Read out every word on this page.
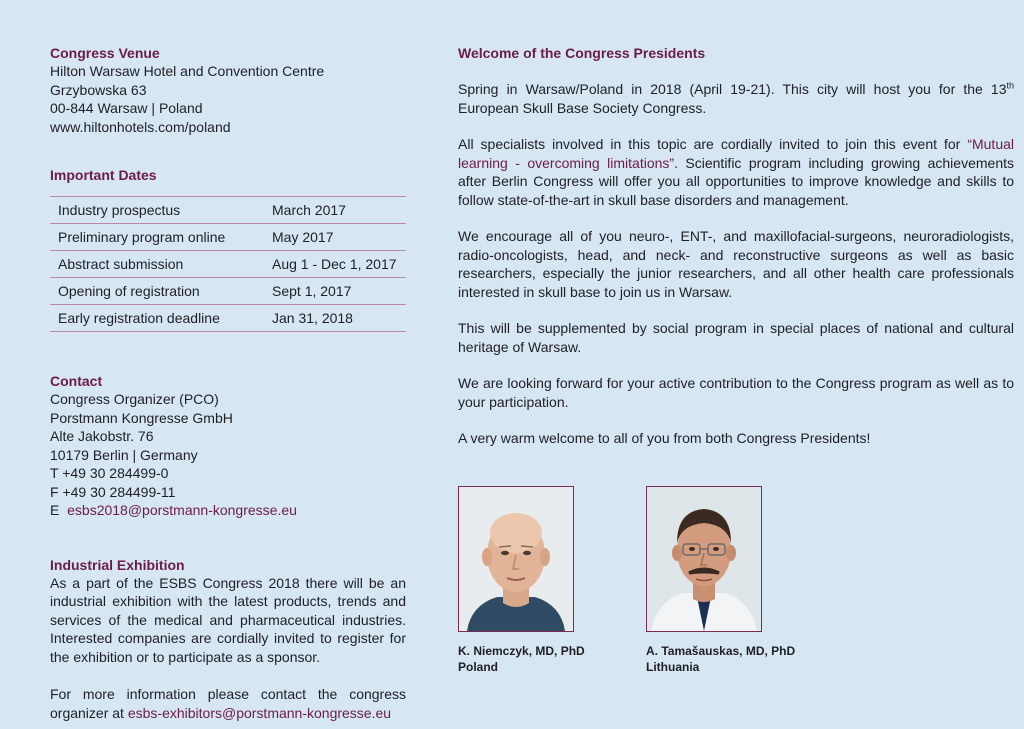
Congress Venue
Hilton Warsaw Hotel and Convention Centre
Grzybowska 63
00-844 Warsaw | Poland
www.hiltonhotels.com/poland
Important Dates
Industry prospectus	March 2017
Preliminary program online	May 2017
Abstract submission	Aug 1 - Dec 1, 2017
Opening of registration	Sept 1, 2017
Early registration deadline	Jan 31, 2018
Contact
Congress Organizer (PCO)
Porstmann Kongresse GmbH
Alte Jakobstr. 76
10179 Berlin | Germany
T +49 30 284499-0
F +49 30 284499-11
E  esbs2018@porstmann-kongresse.eu
Industrial Exhibition
As a part of the ESBS Congress 2018 there will be an
industrial exhibition with the latest products, trends and
services of the medical and pharmaceutical industries.
Interested companies are cordially invited to register for
the exhibition or to participate as a sponsor.
For more information please contact the congress
organizer at esbs-exhibitors@porstmann-kongresse.eu
Welcome of the Congress Presidents

Spring in Warsaw/Poland in 2018 (April 19-21). This city will host you for the 13th European Skull Base Society Congress.

All specialists involved in this topic are cordially invited to join this event for “Mutual learning - overcoming limitations”. Scientific program including growing achievements after Berlin Congress will offer you all opportunities to improve knowledge and skills to follow state-of-the-art in skull base disorders and management.

We encourage all of you neuro-, ENT-, and maxillofacial-surgeons, neuroradiologists, radio-oncologists, head, and neck- and reconstructive surgeons as well as basic researchers, especially the junior researchers, and all other health care professionals interested in skull base to join us in Warsaw.

This will be supplemented by social program in special places of national and cultural heritage of Warsaw.

We are looking forward for your active contribution to the Congress program as well as to your participation.

A very warm welcome to all of you from both Congress Presidents!

K. Niemczyk, MD, PhD
Poland
A. Tamašauskas, MD, PhD
Lithuania
